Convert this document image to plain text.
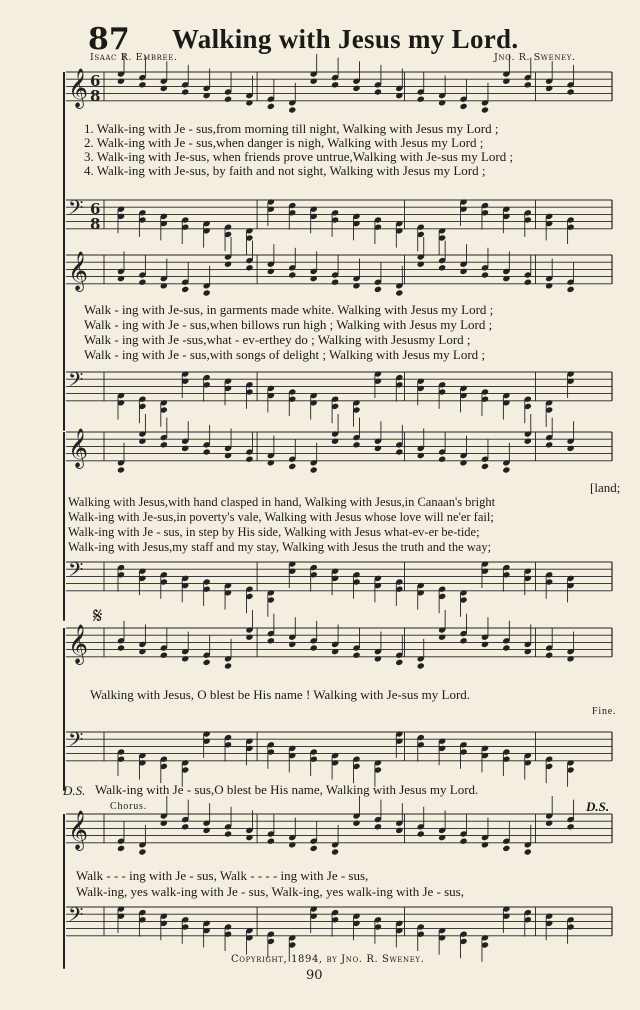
87 Walking with Jesus my Lord.
Isaac R. Embree.	Jno. R. Sweney.
𝄞
𝄢
𝄞
𝄢
𝄞
𝄢
𝄞
𝄢
𝄞
𝄢
6
8
6
8
1. Walk-ing with Je - sus,from morning till night, Walking with Jesus my Lord ;
2. Walk-ing with Je - sus,when danger is nigh, Walking with Jesus my Lord ;
3. Walk-ing with Je-sus, when friends prove untrue,Walking with Je-sus my Lord ;
4. Walk-ing with Je-sus, by faith and not sight, Walking with Jesus my Lord ;
Walk - ing with Je-sus, in garments made white. Walking with Jesus my Lord ;
Walk - ing with Je - sus,when billows run high ; Walking with Jesus my Lord ;
Walk - ing with Je -sus,what - ev-erthey do ; Walking with Jesusmy Lord ;
Walk - ing with Je - sus,with songs of delight ; Walking with Jesus my Lord ;
[land;
Walking with Jesus,with hand clasped in hand, Walking with Jesus,in Canaan's bright
Walk-ing with Je-sus,in poverty's vale, Walking with Jesus whose love will ne'er fail;
Walk-ing with Je - sus, in step by His side, Walking with Jesus what-ev-er be-tide;
Walk-ing with Jesus,my staff and my stay, Walking with Jesus the truth and the way;
𝄋
Walking with Jesus, O blest be His name ! Walking with Je-sus my Lord.
Fine.
D.S. Walk-ing with Je - sus,O blest be His name, Walking with Jesus my Lord.
Chorus.	D.S.
Walk - - - ing with Je - sus, Walk - - - - ing with Je - sus,
Walk-ing, yes walk-ing with Je - sus, Walk-ing, yes walk-ing with Je - sus,
Copyright, 1894, by Jno. R. Sweney.
90
